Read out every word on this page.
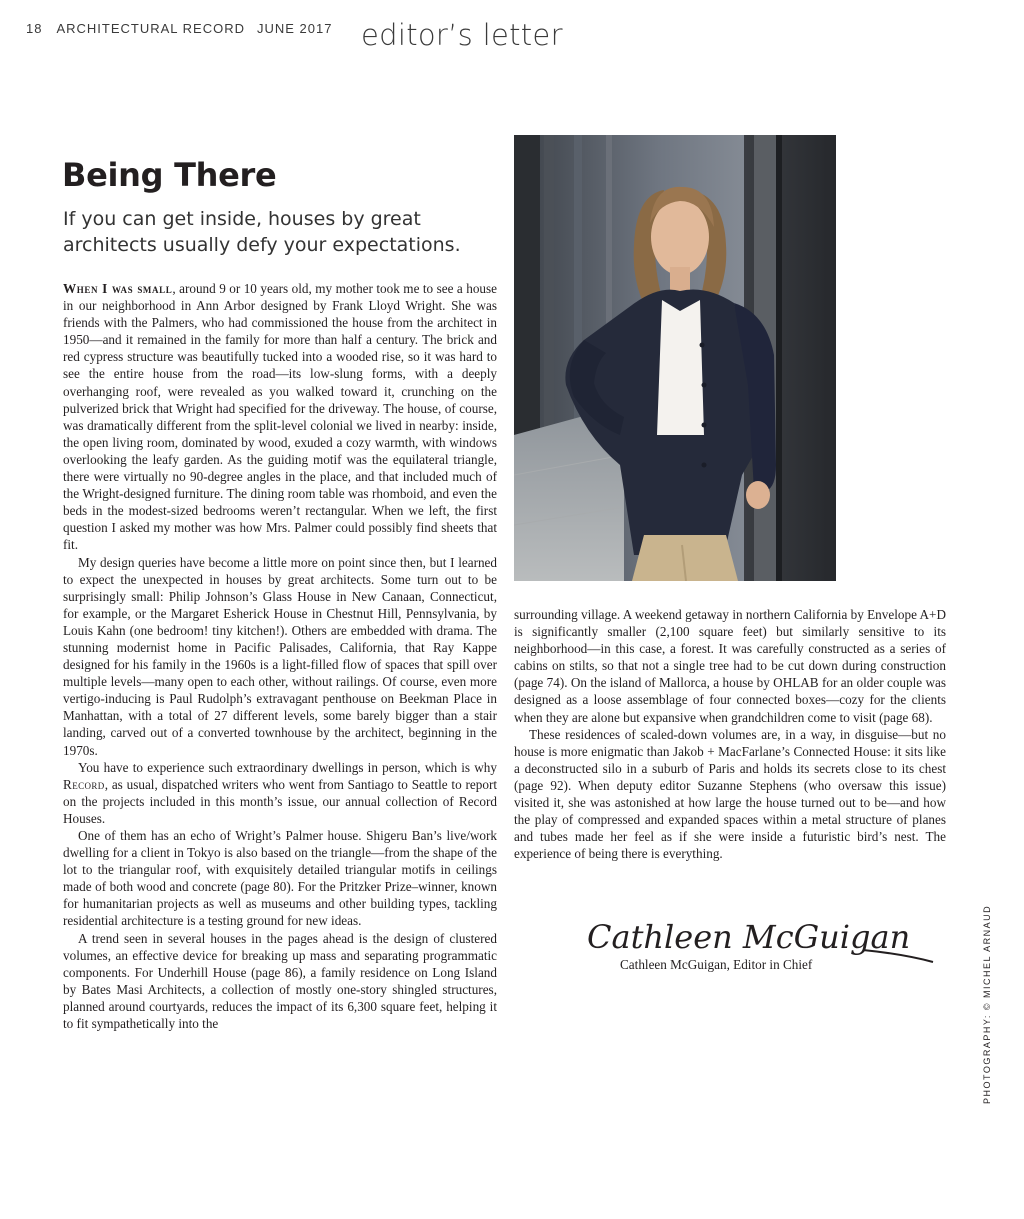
18 ARCHITECTURAL RECORD JUNE 2017 editor’s letter
Being There

If you can get inside, houses by great architects usually defy your expectations.

When I was small, around 9 or 10 years old, my mother took me to see a house in our neighborhood in Ann Arbor designed by Frank Lloyd Wright. She was friends with the Palmers, who had commissioned the house from the architect in 1950—and it remained in the family for more than half a century. The brick and red cypress structure was beautifully tucked into a wooded rise, so it was hard to see the entire house from the road—its low-slung forms, with a deeply overhanging roof, were revealed as you walked toward it, crunching on the pulverized brick that Wright had specified for the driveway. The house, of course, was dramatically different from the split-level colonial we lived in nearby: inside, the open living room, dominated by wood, exuded a cozy warmth, with windows overlooking the leafy garden. As the guiding motif was the equilateral triangle, there were virtually no 90-degree angles in the place, and that included much of the Wright-designed furniture. The dining room table was rhomboid, and even the beds in the modest-sized bedrooms weren’t rectangular. When we left, the first question I asked my mother was how Mrs. Palmer could possibly find sheets that fit.

My design queries have become a little more on point since then, but I learned to expect the unexpected in houses by great architects. Some turn out to be surprisingly small: Philip Johnson’s Glass House in New Canaan, Connecticut, for example, or the Margaret Esherick House in Chestnut Hill, Pennsylvania, by Louis Kahn (one bedroom! tiny kitchen!). Others are embedded with drama. The stunning modernist home in Pacific Palisades, California, that Ray Kappe designed for his family in the 1960s is a light-filled flow of spaces that spill over multiple levels—many open to each other, without railings. Of course, even more vertigo-inducing is Paul Rudolph’s extravagant penthouse on Beekman Place in Manhattan, with a total of 27 different levels, some barely bigger than a stair landing, carved out of a converted townhouse by the architect, beginning in the 1970s.

You have to experience such extraordinary dwellings in person, which is why Record, as usual, dispatched writers who went from Santiago to Seattle to report on the projects included in this month’s issue, our annual collection of Record Houses.

One of them has an echo of Wright’s Palmer house. Shigeru Ban’s live/work dwelling for a client in Tokyo is also based on the triangle—from the shape of the lot to the triangular roof, with exquisitely detailed triangular motifs in ceilings made of both wood and concrete (page 80). For the Pritzker Prize–winner, known for humanitarian projects as well as museums and other building types, tackling residential architecture is a testing ground for new ideas.

A trend seen in several houses in the pages ahead is the design of clustered volumes, an effective device for breaking up mass and separating programmatic components. For Underhill House (page 86), a family residence on Long Island by Bates Masi Architects, a collection of mostly one-story shingled structures, planned around courtyards, reduces the impact of its 6,300 square feet, helping it to fit sympathetically into the

surrounding village. A weekend getaway in northern California by Envelope A+D is significantly smaller (2,100 square feet) but similarly sensitive to its neighborhood—in this case, a forest. It was carefully constructed as a series of cabins on stilts, so that not a single tree had to be cut down during construction (page 74). On the island of Mallorca, a house by OHLAB for an older couple was designed as a loose assemblage of four connected boxes—cozy for the clients when they are alone but expansive when grandchildren come to visit (page 68).

These residences of scaled-down volumes are, in a way, in disguise—but no house is more enigmatic than Jakob + MacFarlane’s Connected House: it sits like a deconstructed silo in a suburb of Paris and holds its secrets close to its chest (page 92). When deputy editor Suzanne Stephens (who oversaw this issue) visited it, she was astonished at how large the house turned out to be—and how the play of compressed and expanded spaces within a metal structure of planes and tubes made her feel as if she were inside a futuristic bird’s nest. The experience of being there is everything.

Cathleen McGuigan
Cathleen McGuigan, Editor in Chief	PHOTOGRAPHY: © MICHEL ARNAUD
